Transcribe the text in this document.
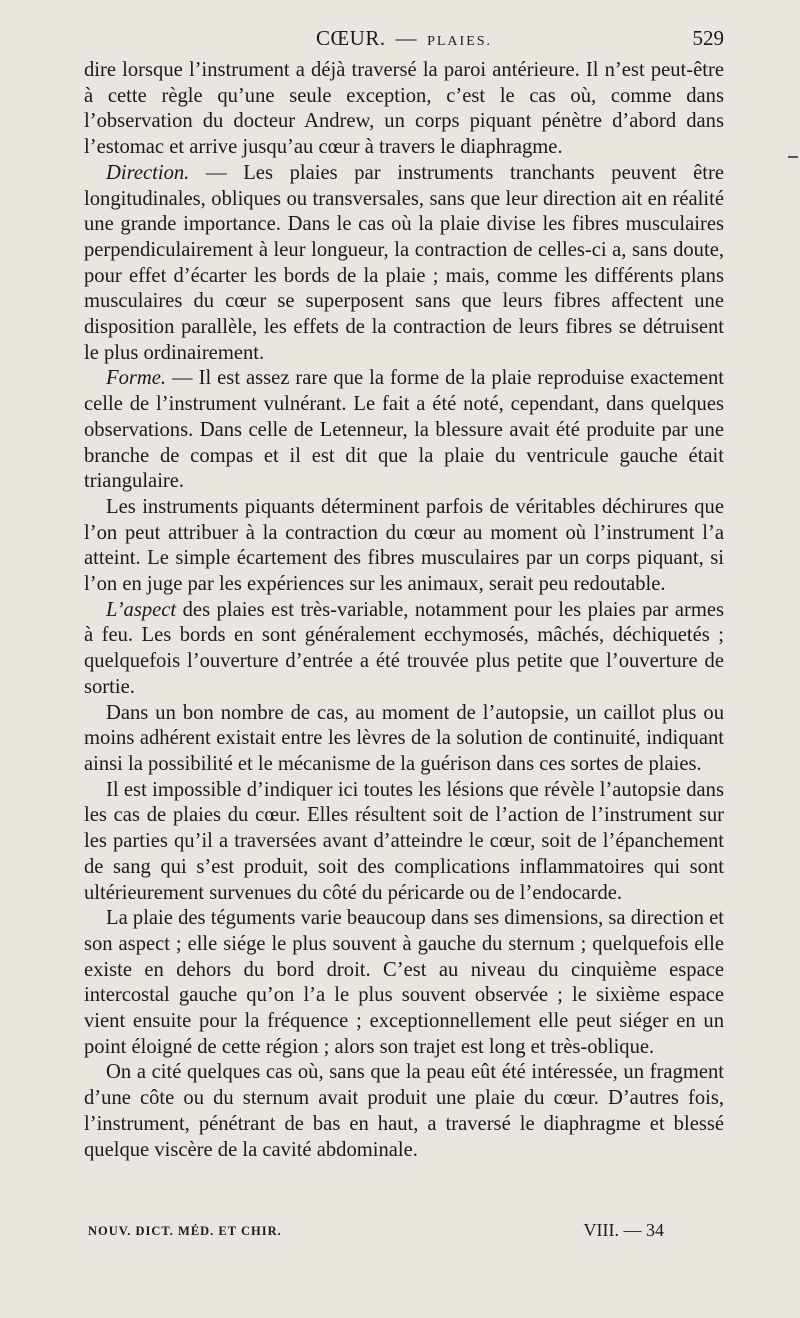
CŒUR. — PLAIES.	529

dire lorsque l’instrument a déjà traversé la paroi antérieure. Il n’est peut-être à cette règle qu’une seule exception, c’est le cas où, comme dans l’observation du docteur Andrew, un corps piquant pénètre d’abord dans l’estomac et arrive jusqu’au cœur à travers le diaphragme.

Direction. — Les plaies par instruments tranchants peuvent être longitudinales, obliques ou transversales, sans que leur direction ait en réalité une grande importance. Dans le cas où la plaie divise les fibres musculaires perpendiculairement à leur longueur, la contraction de celles-ci a, sans doute, pour effet d’écarter les bords de la plaie ; mais, comme les différents plans musculaires du cœur se superposent sans que leurs fibres affectent une disposition parallèle, les effets de la contraction de leurs fibres se détruisent le plus ordinairement.

Forme. — Il est assez rare que la forme de la plaie reproduise exactement celle de l’instrument vulnérant. Le fait a été noté, cependant, dans quelques observations. Dans celle de Letenneur, la blessure avait été produite par une branche de compas et il est dit que la plaie du ventricule gauche était triangulaire.

Les instruments piquants déterminent parfois de véritables déchirures que l’on peut attribuer à la contraction du cœur au moment où l’instrument l’a atteint. Le simple écartement des fibres musculaires par un corps piquant, si l’on en juge par les expériences sur les animaux, serait peu redoutable.

L’aspect des plaies est très-variable, notamment pour les plaies par armes à feu. Les bords en sont généralement ecchymosés, mâchés, déchiquetés ; quelquefois l’ouverture d’entrée a été trouvée plus petite que l’ouverture de sortie.

Dans un bon nombre de cas, au moment de l’autopsie, un caillot plus ou moins adhérent existait entre les lèvres de la solution de continuité, indiquant ainsi la possibilité et le mécanisme de la guérison dans ces sortes de plaies.

Il est impossible d’indiquer ici toutes les lésions que révèle l’autopsie dans les cas de plaies du cœur. Elles résultent soit de l’action de l’instrument sur les parties qu’il a traversées avant d’atteindre le cœur, soit de l’épanchement de sang qui s’est produit, soit des complications inflammatoires qui sont ultérieurement survenues du côté du péricarde ou de l’endocarde.

La plaie des téguments varie beaucoup dans ses dimensions, sa direction et son aspect ; elle siége le plus souvent à gauche du sternum ; quelquefois elle existe en dehors du bord droit. C’est au niveau du cinquième espace intercostal gauche qu’on l’a le plus souvent observée ; le sixième espace vient ensuite pour la fréquence ; exceptionnellement elle peut siéger en un point éloigné de cette région ; alors son trajet est long et très-oblique.

On a cité quelques cas où, sans que la peau eût été intéressée, un fragment d’une côte ou du sternum avait produit une plaie du cœur. D’autres fois, l’instrument, pénétrant de bas en haut, a traversé le diaphragme et blessé quelque viscère de la cavité abdominale.

NOUV. DICT. MÉD. ET CHIR.	VIII. — 34
